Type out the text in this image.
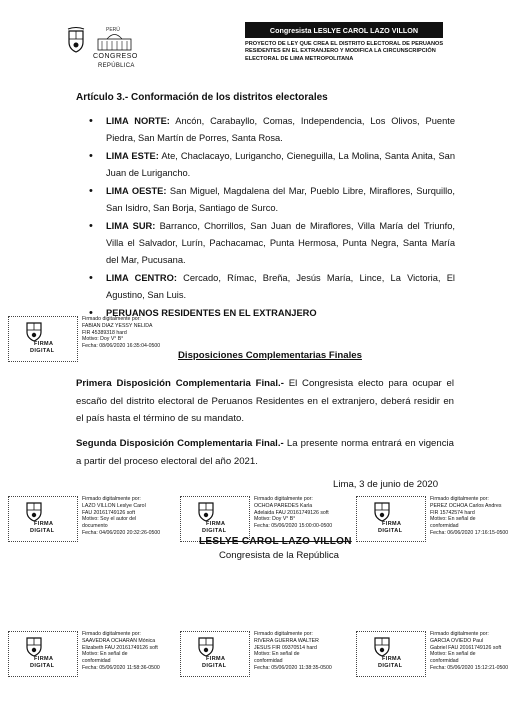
PERÚ
CONGRESO
REPÚBLICA
Congresista LESLYE CAROL LAZO VILLON
PROYECTO DE LEY QUE CREA EL DISTRITO ELECTORAL DE PERUANOS RESIDENTES EN EL EXTRANJERO Y MODIFICA LA CIRCUNSCRIPCIÓN ELECTORAL DE LIMA METROPOLITANA
Artículo 3.- Conformación de los distritos electorales
• LIMA NORTE: Ancón, Carabayllo, Comas, Independencia, Los Olivos, Puente Piedra, San Martín de Porres, Santa Rosa.
• LIMA ESTE: Ate, Chaclacayo, Lurigancho, Cieneguilla, La Molina, Santa Anita, San Juan de Lurigancho.
• LIMA OESTE: San Miguel, Magdalena del Mar, Pueblo Libre, Miraflores, Surquillo, San Isidro, San Borja, Santiago de Surco.
• LIMA SUR: Barranco, Chorrillos, San Juan de Miraflores, Villa María del Triunfo, Villa el Salvador, Lurín, Pachacamac, Punta Hermosa, Punta Negra, Santa María del Mar, Pucusana.
• LIMA CENTRO: Cercado, Rímac, Breña, Jesús María, Lince, La Victoria, El Agustino, San Luis.
• PERUANOS RESIDENTES EN EL EXTRANJERO
Disposiciones Complementarias Finales
Primera Disposición Complementaria Final.- El Congresista electo para ocupar el escaño del distrito electoral de Peruanos Residentes en el extranjero, deberá residir en el país hasta el término de su mandato.
Segunda Disposición Complementaria Final.- La presente norma entrará en vigencia a partir del proceso electoral del año 2021.
Lima, 3 de junio de 2020
FIRMA
DIGITAL
Firmado digitalmente por:
FABIAN DIAZ YESSY NELIDA
FIR 45389318 hard
Motivo: Doy V° B°
Fecha: 08/06/2020 16:35:04-0500
FIRMA
DIGITAL
Firmado digitalmente por:
LAZO VILLON Leslye Carol
FAU 20161749126 soft
Motivo: Soy el autor del
documento
Fecha: 04/06/2020 20:32:26-0500
FIRMA
DIGITAL
Firmado digitalmente por:
OCHOA PAREDES Karla
Adelaida FAU 20161749126 soft
Motivo: Doy V° B°
Fecha: 05/06/2020 15:00:00-0500	FIRMA
DIGITAL
Firmado digitalmente por:
PEREZ OCHOA Carlos Andres
FIR 15742574 hard
Motivo: En señal de
conformidad
Fecha: 06/06/2020 17:16:15-0500
LESLYE CAROL LAZO VILLON
Congresista de la República
FIRMA
DIGITAL
Firmado digitalmente por:
SAAVEDRA OCHARAN Mónica
Elizabeth FAU 20161749126 soft
Motivo: En señal de
conformidad
Fecha: 05/06/2020 11:58:36-0500
FIRMA
DIGITAL
Firmado digitalmente por:
RIVERA GUERRA WALTER
JESUS FIR 09370514 hard
Motivo: En señal de
conformidad
Fecha: 05/06/2020 11:38:35-0500
FIRMA
DIGITAL
Firmado digitalmente por:
GARCIA OVIEDO Paul
Gabriel FAU 20161749126 soft
Motivo: En señal de
conformidad
Fecha: 05/06/2020 15:12:21-0500
